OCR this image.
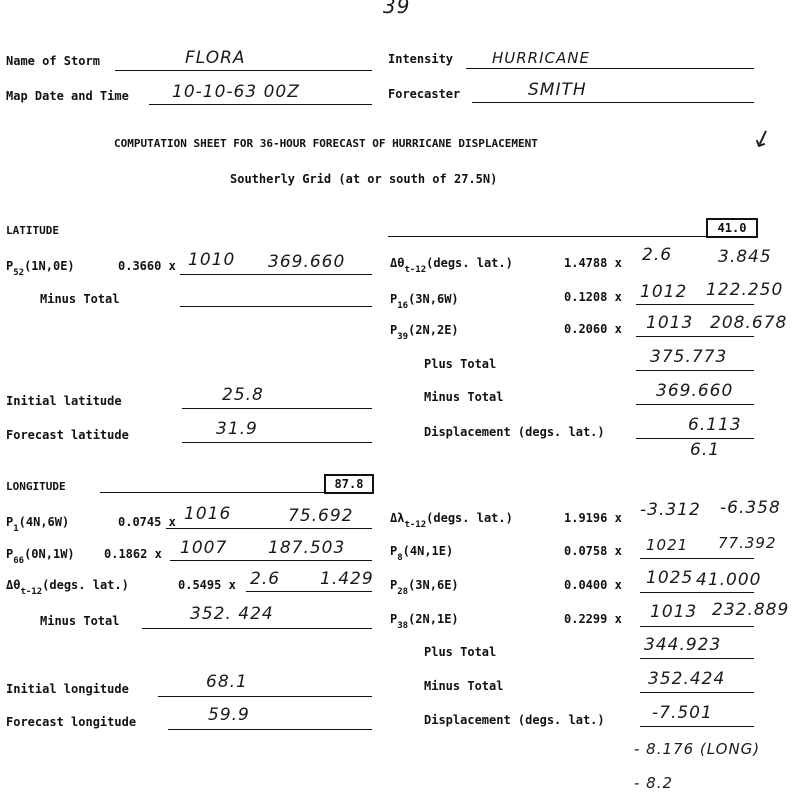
39
Name of Storm	FLORA	Intensity	HURRICANE
Map Date and Time	10-10-63 00Z	Forecaster	SMITH
COMPUTATION SHEET FOR 36-HOUR FORECAST OF HURRICANE DISPLACEMENT	↙
Southerly Grid (at or south of 27.5N)
LATITUDE	41.0
$P_{52}(1N,0E)$	0.3660 x 1010 369.660
Minus Total
$\Delta\theta_{t-12}(degs$. lat.)	1.4788 x 2.6	3.845
$P_{16}(3N,6W)$	0.1208 x 1012 122.250
$P_{39}(2N,2E)$	0.2060 x 1013 208.678
Plus Total	375.773
Minus Total	369.660
Displacement (degs. lat.)	6.113
6.1
Initial latitude	25.8
Forecast latitude	31.9
LONGITUDE	87.8
$P_1(4N,6W)$	0.0745 x 1016	75.692
$P_{66}(0N,1W)$ 0.1862 x 1007 187.503
$\Delta\theta_{t-12}(degs$. lat.)	0.5495 x 2.6 1.429
Minus Total	352. 424
$\Delta\lambda_{t-12}(degs$. lat.)	1.9196 x -3.312 -6.358
$P_8(4N,1E)$	0.0758 x 1021 77.392
$P_{28}(3N,6E)$	0.0400 x 1025 41.000
$P_{38}(2N,1E)$	0.2299 x 1013 232.889
Plus Total	344.923
Minus Total	352.424
Displacement (degs. lat.)	-7.501
- 8.176 (LONG)
- 8.2
Initial longitude	68.1
Forecast longitude	59.9
